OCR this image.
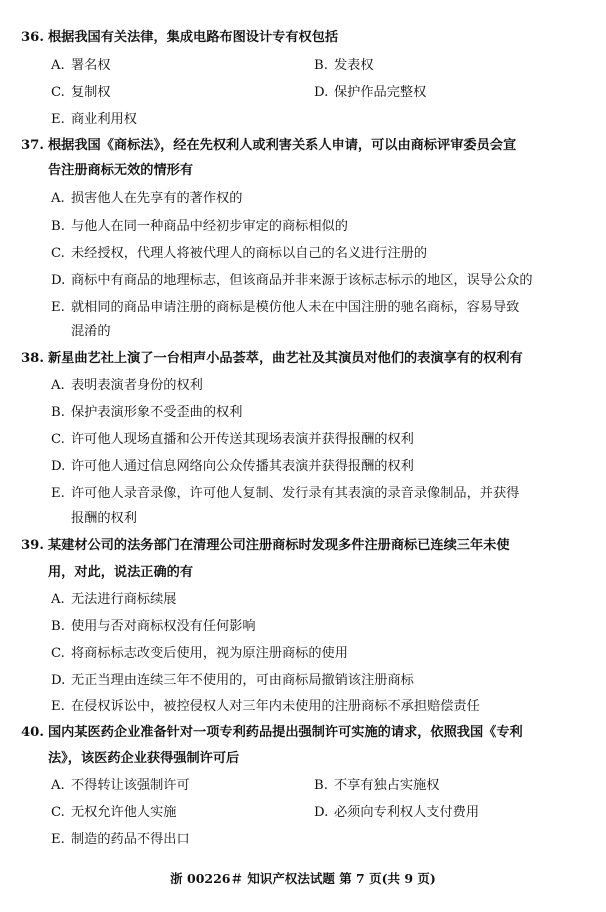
36. 根据我国有关法律，集成电路布图设计专有权包括
A. 署名权	B. 发表权
C. 复制权	D. 保护作品完整权
E. 商业利用权
37. 根据我国《商标法》，经在先权利人或利害关系人申请，可以由商标评审委员会宣
告注册商标无效的情形有
A. 损害他人在先享有的著作权的
B. 与他人在同一种商品中经初步审定的商标相似的
C. 未经授权，代理人将被代理人的商标以自己的名义进行注册的
D. 商标中有商品的地理标志，但该商品并非来源于该标志标示的地区，误导公众的
E. 就相同的商品申请注册的商标是模仿他人未在中国注册的驰名商标，容易导致
混淆的
38. 新星曲艺社上演了一台相声小品荟萃，曲艺社及其演员对他们的表演享有的权利有
A. 表明表演者身份的权利
B. 保护表演形象不受歪曲的权利
C. 许可他人现场直播和公开传送其现场表演并获得报酬的权利
D. 许可他人通过信息网络向公众传播其表演并获得报酬的权利
E. 许可他人录音录像，许可他人复制、发行录有其表演的录音录像制品，并获得
报酬的权利
39. 某建材公司的法务部门在清理公司注册商标时发现多件注册商标已连续三年未使
用，对此，说法正确的有
A. 无法进行商标续展
B. 使用与否对商标权没有任何影响
C. 将商标标志改变后使用，视为原注册商标的使用
D. 无正当理由连续三年不使用的，可由商标局撤销该注册商标
E. 在侵权诉讼中，被控侵权人对三年内未使用的注册商标不承担赔偿责任
40. 国内某医药企业准备针对一项专利药品提出强制许可实施的请求，依照我国《专利
法》，该医药企业获得强制许可后
A. 不得转让该强制许可	B. 不享有独占实施权
C. 无权允许他人实施	D. 必须向专利权人支付费用
E. 制造的药品不得出口
浙 00226＃ 知识产权法试题 第 7 页(共 9 页)
